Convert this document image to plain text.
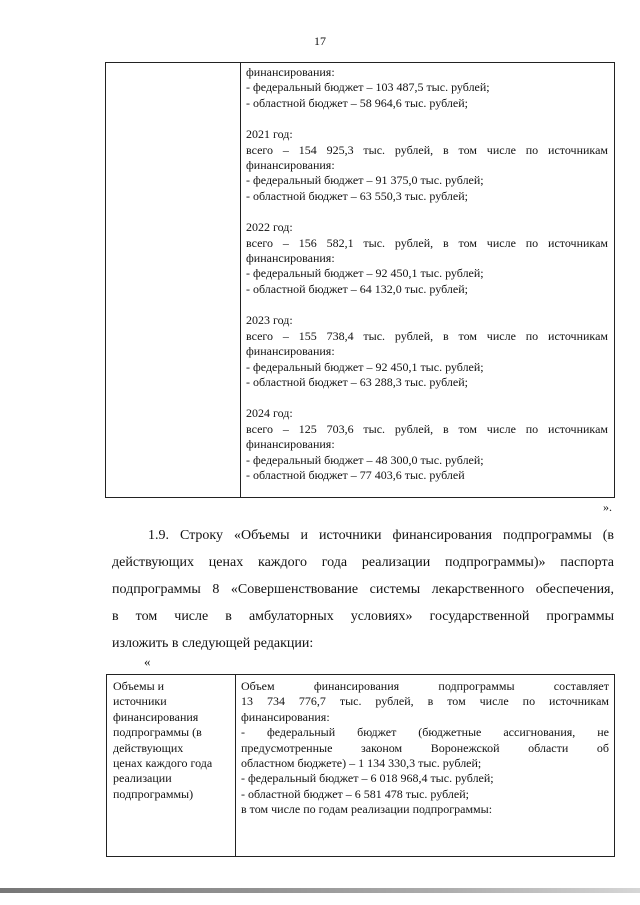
17
финансирования:
- федеральный бюджет – 103 487,5 тыс. рублей;
- областной бюджет – 58 964,6 тыс. рублей;
2021 год:
всего – 154 925,3 тыс. рублей, в том числе по источникам
финансирования:
- федеральный бюджет – 91 375,0 тыс. рублей;
- областной бюджет – 63 550,3 тыс. рублей;
2022 год:
всего – 156 582,1 тыс. рублей, в том числе по источникам
финансирования:
- федеральный бюджет – 92 450,1 тыс. рублей;
- областной бюджет – 64 132,0 тыс. рублей;
2023 год:
всего – 155 738,4 тыс. рублей, в том числе по источникам
финансирования:
- федеральный бюджет – 92 450,1 тыс. рублей;
- областной бюджет – 63 288,3 тыс. рублей;
2024 год:
всего – 125 703,6 тыс. рублей, в том числе по источникам
финансирования:
- федеральный бюджет – 48 300,0 тыс. рублей;
- областной бюджет – 77 403,6 тыс. рублей
».
1.9. Строку «Объемы и источники финансирования подпрограммы (в
действующих ценах каждого года реализации подпрограммы)» паспорта
подпрограммы 8 «Совершенствование системы лекарственного обеспечения,
в том числе в амбулаторных условиях» государственной программы
изложить в следующей редакции:
«
Объемы и
источники
финансирования
подпрограммы (в
действующих
ценах каждого года
реализации
подпрограммы)
Объем финансирования подпрограммы составляет
13 734 776,7 тыс. рублей, в том числе по источникам
финансирования:
- федеральный бюджет (бюджетные ассигнования, не
предусмотренные законом Воронежской области об
областном бюджете) – 1 134 330,3 тыс. рублей;
- федеральный бюджет – 6 018 968,4 тыс. рублей;
- областной бюджет – 6 581 478 тыс. рублей;
в том числе по годам реализации подпрограммы:
